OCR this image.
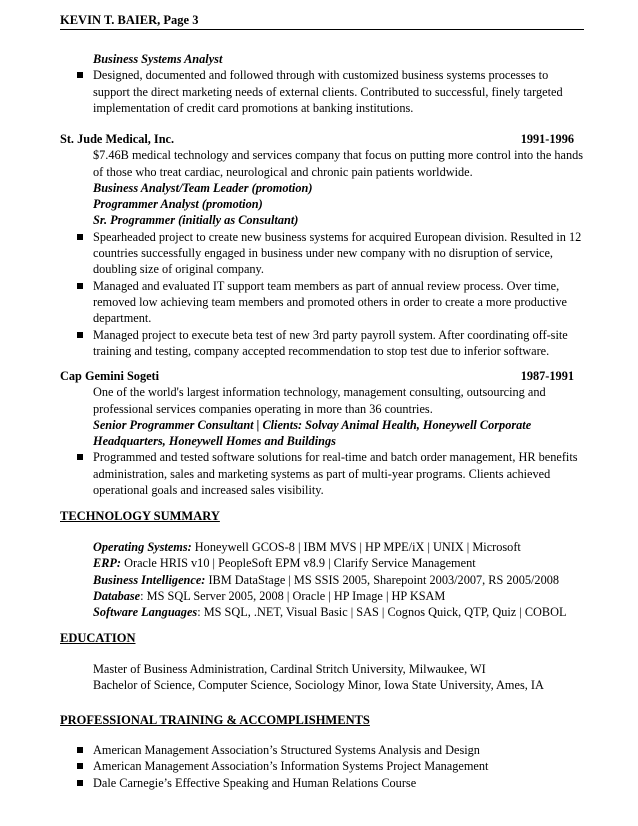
KEVIN T. BAIER, Page 3
Business Systems Analyst
Designed, documented and followed through with customized business systems processes to support the direct marketing needs of external clients. Contributed to successful, finely targeted implementation of credit card promotions at banking institutions.
St. Jude Medical, Inc.	1991-1996
$7.46B medical technology and services company that focus on putting more control into the hands of those who treat cardiac, neurological and chronic pain patients worldwide.
Business Analyst/Team Leader (promotion)
Programmer Analyst (promotion)
Sr. Programmer (initially as Consultant)
Spearheaded project to create new business systems for acquired European division. Resulted in 12 countries successfully engaged in business under new company with no disruption of service, doubling size of original company.
Managed and evaluated IT support team members as part of annual review process. Over time, removed low achieving team members and promoted others in order to create a more productive department.
Managed project to execute beta test of new 3rd party payroll system. After coordinating off-site training and testing, company accepted recommendation to stop test due to inferior software.
Cap Gemini Sogeti	1987-1991
One of the world's largest information technology, management consulting, outsourcing and professional services companies operating in more than 36 countries.
Senior Programmer Consultant | Clients: Solvay Animal Health, Honeywell Corporate Headquarters, Honeywell Homes and Buildings
Programmed and tested software solutions for real-time and batch order management, HR benefits administration, sales and marketing systems as part of multi-year programs. Clients achieved operational goals and increased sales visibility.
TECHNOLOGY SUMMARY
Operating Systems: Honeywell GCOS-8 | IBM MVS | HP MPE/iX | UNIX | Microsoft
ERP: Oracle HRIS v10 | PeopleSoft EPM v8.9 | Clarify Service Management
Business Intelligence: IBM DataStage | MS SSIS 2005, Sharepoint 2003/2007, RS 2005/2008
Database: MS SQL Server 2005, 2008 | Oracle | HP Image | HP KSAM
Software Languages: MS SQL, .NET, Visual Basic | SAS | Cognos Quick, QTP, Quiz | COBOL
EDUCATION
Master of Business Administration, Cardinal Stritch University, Milwaukee, WI
Bachelor of Science, Computer Science, Sociology Minor, Iowa State University, Ames, IA
PROFESSIONAL TRAINING & ACCOMPLISHMENTS
American Management Association’s Structured Systems Analysis and Design
American Management Association’s Information Systems Project Management
Dale Carnegie’s Effective Speaking and Human Relations Course
